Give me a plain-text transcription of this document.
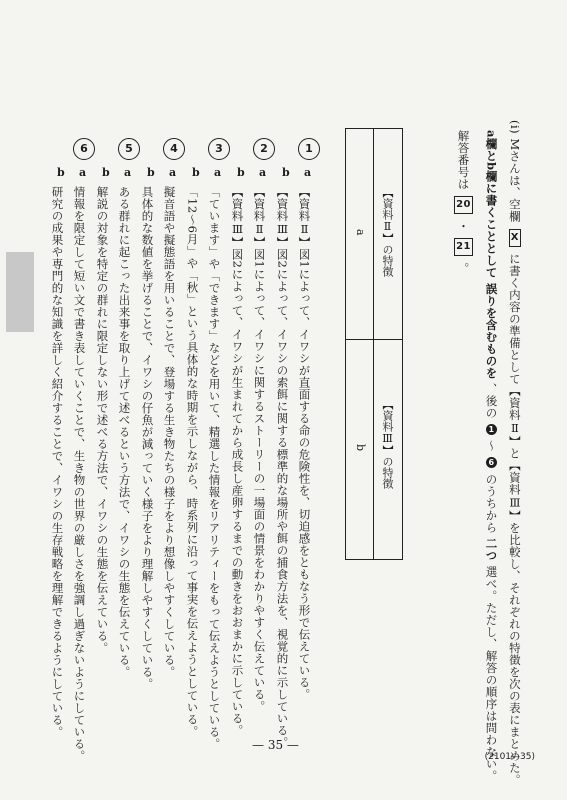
(i) Mさんは、空欄 X に書く内容の準備として【資料Ⅱ】と【資料Ⅲ】を比較し、それぞれの特徴を次の表にまとめた。
a欄とb欄に書くこととして 誤りを含むものを 、後の 1 〜 6 のうちから 二つ 選べ。ただし、解答の順序は問わない。
解答番号は 20 ・ 21 。
【資料Ⅱ】の特徴
【資料Ⅲ】の特徴
a
b
1
a
【資料Ⅱ】図1によって、イワシが直面する命の危険性を、切迫感をともなう形で伝えている。
b
【資料Ⅲ】図2によって、イワシの索餌に関する標準的な場所や餌の捕食方法を、視覚的に示している。
2
a
【資料Ⅱ】図1によって、イワシに関するストーリーの一場面の情景をわかりやすく伝えている。
b
【資料Ⅲ】図2によって、イワシが生まれてから成長し産卵するまでの動きをおおまかに示している。
3
a
「ています」や「できます」などを用いて、精選した情報をリアリティーをもって伝えようとしている。
b
「12〜6月」や「秋」という具体的な時期を示しながら、時系列に沿って事実を伝えようとしている。
4
a
擬音語や擬態語を用いることで、登場する生き物たちの様子をより想像しやすくしている。
b
具体的な数値を挙げることで、イワシの仔魚が減っていく様子をより理解しやすくしている。
5
a
ある群れに起こった出来事を取り上げて述べるという方法で、イワシの生態を伝えている。
b
解説の対象を特定の群れに限定しない形で述べる方法で、イワシの生態を伝えている。
6
a
情報を限定して短い文で書き表していくことで、生き物の世界の厳しさを強調し過ぎないようにしている。
b
研究の成果や専門的な知識を詳しく紹介することで、イワシの生存戦略を理解できるようにしている。
— 35 —
(2101—35)
